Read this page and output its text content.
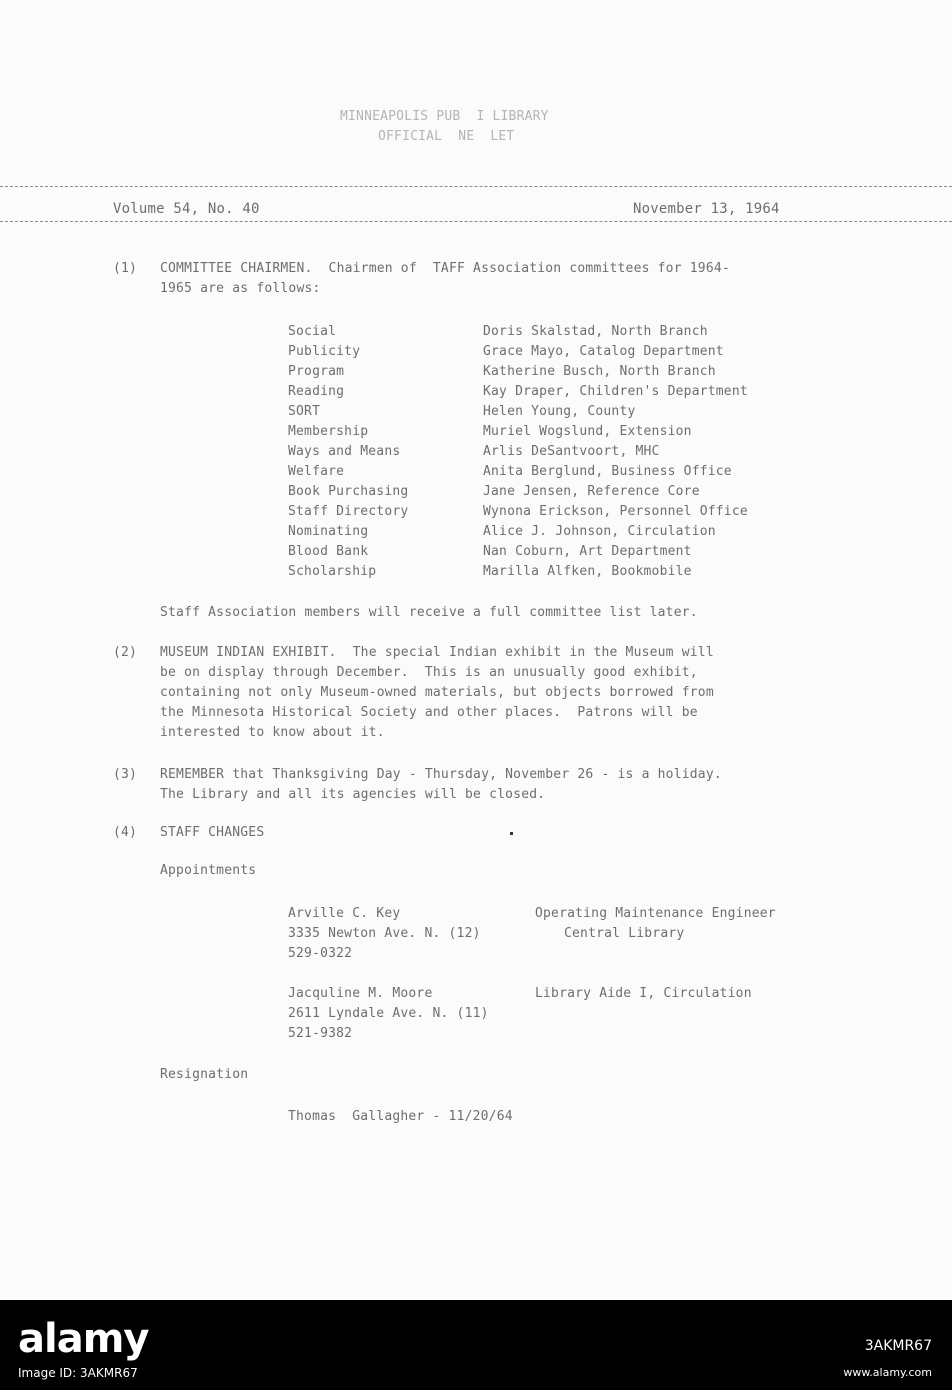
MINNEAPOLIS PUB  I LIBRARY
OFFICIAL  NE  LET
Volume 54, No. 40	November 13, 1964
(1) COMMITTEE CHAIRMEN.  Chairmen of  TAFF Association committees for 1964-
1965 are as follows:
Social	Doris Skalstad, North Branch
Publicity	Grace Mayo, Catalog Department
Program	Katherine Busch, North Branch
Reading	Kay Draper, Children's Department
SORT	Helen Young, County
Membership	Muriel Wogslund, Extension
Ways and Means	Arlis DeSantvoort, MHC
Welfare	Anita Berglund, Business Office
Book Purchasing	Jane Jensen, Reference Core
Staff Directory	Wynona Erickson, Personnel Office
Nominating	Alice J. Johnson, Circulation
Blood Bank	Nan Coburn, Art Department
Scholarship	Marilla Alfken, Bookmobile
Staff Association members will receive a full committee list later.
(2) MUSEUM INDIAN EXHIBIT.  The special Indian exhibit in the Museum will
be on display through December.  This is an unusually good exhibit,
containing not only Museum-owned materials, but objects borrowed from
the Minnesota Historical Society and other places.  Patrons will be
interested to know about it.
(3) REMEMBER that Thanksgiving Day - Thursday, November 26 - is a holiday.
The Library and all its agencies will be closed.
(4) STAFF CHANGES
Appointments
Arville C. Key
3335 Newton Ave. N. (12)
529-0322
Operating Maintenance Engineer
Central Library
Jacquline M. Moore
2611 Lyndale Ave. N. (11)
521-9382
Library Aide I, Circulation
Resignation
Thomas  Gallagher - 11/20/64
alamy
Image ID: 3AKMR67
3AKMR67
www.alamy.com
